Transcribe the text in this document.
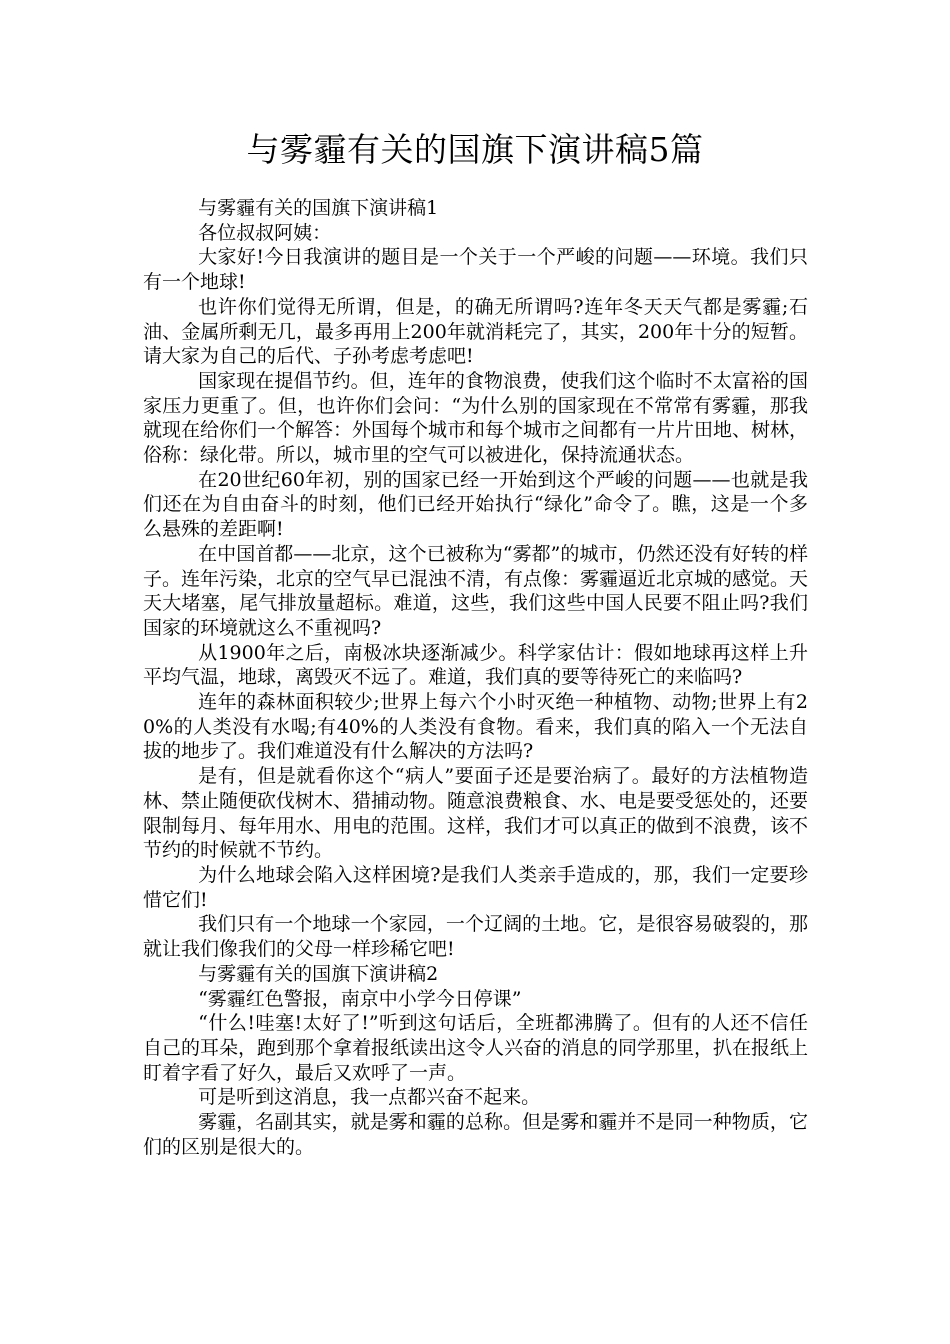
与雾霾有关的国旗下演讲稿5篇

与雾霾有关的国旗下演讲稿1

各位叔叔阿姨：

大家好!今日我演讲的题目是一个关于一个严峻的问题——环境。我们只有一个地球!

也许你们觉得无所谓，但是，的确无所谓吗?连年冬天天气都是雾霾;石油、金属所剩无几，最多再用上200年就消耗完了，其实，200年十分的短暂。请大家为自己的后代、子孙考虑考虑吧!

国家现在提倡节约。但，连年的食物浪费，使我们这个临时不太富裕的国家压力更重了。但，也许你们会问：“为什么别的国家现在不常常有雾霾，那我就现在给你们一个解答：外国每个城市和每个城市之间都有一片片田地、树林，俗称：绿化带。所以，城市里的空气可以被进化，保持流通状态。

在20世纪60年初，别的国家已经一开始到这个严峻的问题——也就是我们还在为自由奋斗的时刻，他们已经开始执行“绿化”命令了。瞧，这是一个多么悬殊的差距啊!

在中国首都——北京，这个已被称为“雾都”的城市，仍然还没有好转的样子。连年污染，北京的空气早已混浊不清，有点像：雾霾逼近北京城的感觉。天天大堵塞，尾气排放量超标。难道，这些，我们这些中国人民要不阻止吗?我们国家的环境就这么不重视吗?

从1900年之后，南极冰块逐渐减少。科学家估计：假如地球再这样上升平均气温，地球，离毁灭不远了。难道，我们真的要等待死亡的来临吗?

连年的森林面积较少;世界上每六个小时灭绝一种植物、动物;世界上有20%的人类没有水喝;有40%的人类没有食物。看来，我们真的陷入一个无法自拔的地步了。我们难道没有什么解决的方法吗?

是有，但是就看你这个“病人”要面子还是要治病了。最好的方法植物造林、禁止随便砍伐树木、猎捕动物。随意浪费粮食、水、电是要受惩处的，还要限制每月、每年用水、用电的范围。这样，我们才可以真正的做到不浪费，该不节约的时候就不节约。

为什么地球会陷入这样困境?是我们人类亲手造成的，那，我们一定要珍惜它们!

我们只有一个地球一个家园，一个辽阔的土地。它，是很容易破裂的，那就让我们像我们的父母一样珍稀它吧!

与雾霾有关的国旗下演讲稿2

“雾霾红色警报，南京中小学今日停课”

“什么!哇塞!太好了!”听到这句话后，全班都沸腾了。但有的人还不信任自己的耳朵，跑到那个拿着报纸读出这令人兴奋的消息的同学那里，扒在报纸上盯着字看了好久，最后又欢呼了一声。

可是听到这消息，我一点都兴奋不起来。

雾霾，名副其实，就是雾和霾的总称。但是雾和霾并不是同一种物质，它们的区别是很大的。
